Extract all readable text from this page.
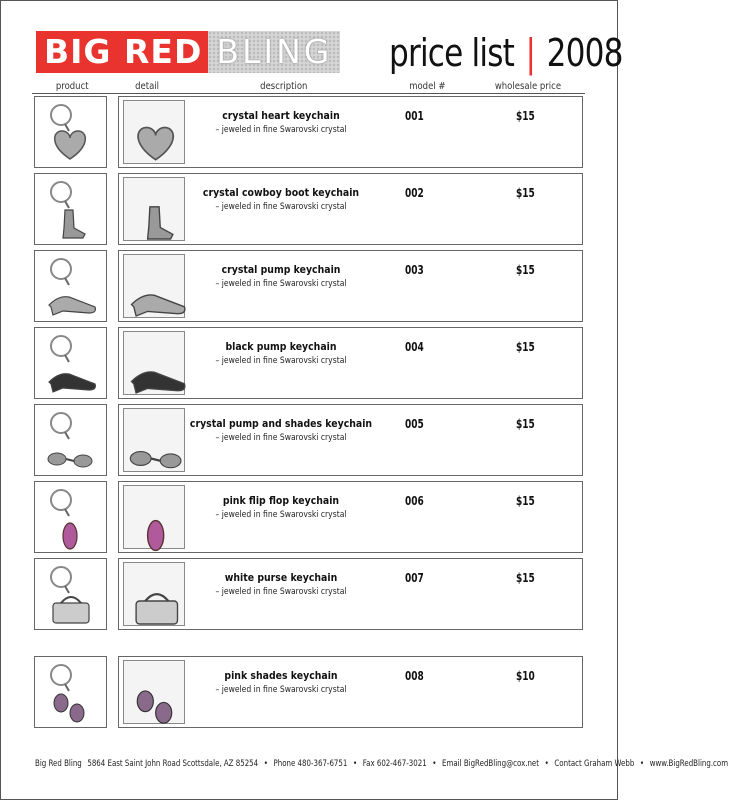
BIG RED BLING price list | 2008
product	detail	description	model #	wholesale price
crystal heart keychain
– jeweled in fine Swarovski crystal
001	$15
crystal cowboy boot keychain
– jeweled in fine Swarovski crystal
002	$15
crystal pump keychain
– jeweled in fine Swarovski crystal
003	$15
black pump keychain
– jeweled in fine Swarovski crystal
004	$15
crystal pump and shades keychain
– jeweled in fine Swarovski crystal
005	$15
pink flip flop keychain
– jeweled in fine Swarovski crystal
006	$15
white purse keychain
– jeweled in fine Swarovski crystal
007	$15
pink shades keychain
– jeweled in fine Swarovski crystal
008	$10
Big Red Bling 5864 East Saint John Road Scottsdale, AZ 85254 • Phone 480-367-6751 • Fax 602-467-3021 • Email BigRedBling@cox.net • Contact Graham Webb • www.BigRedBling.com
